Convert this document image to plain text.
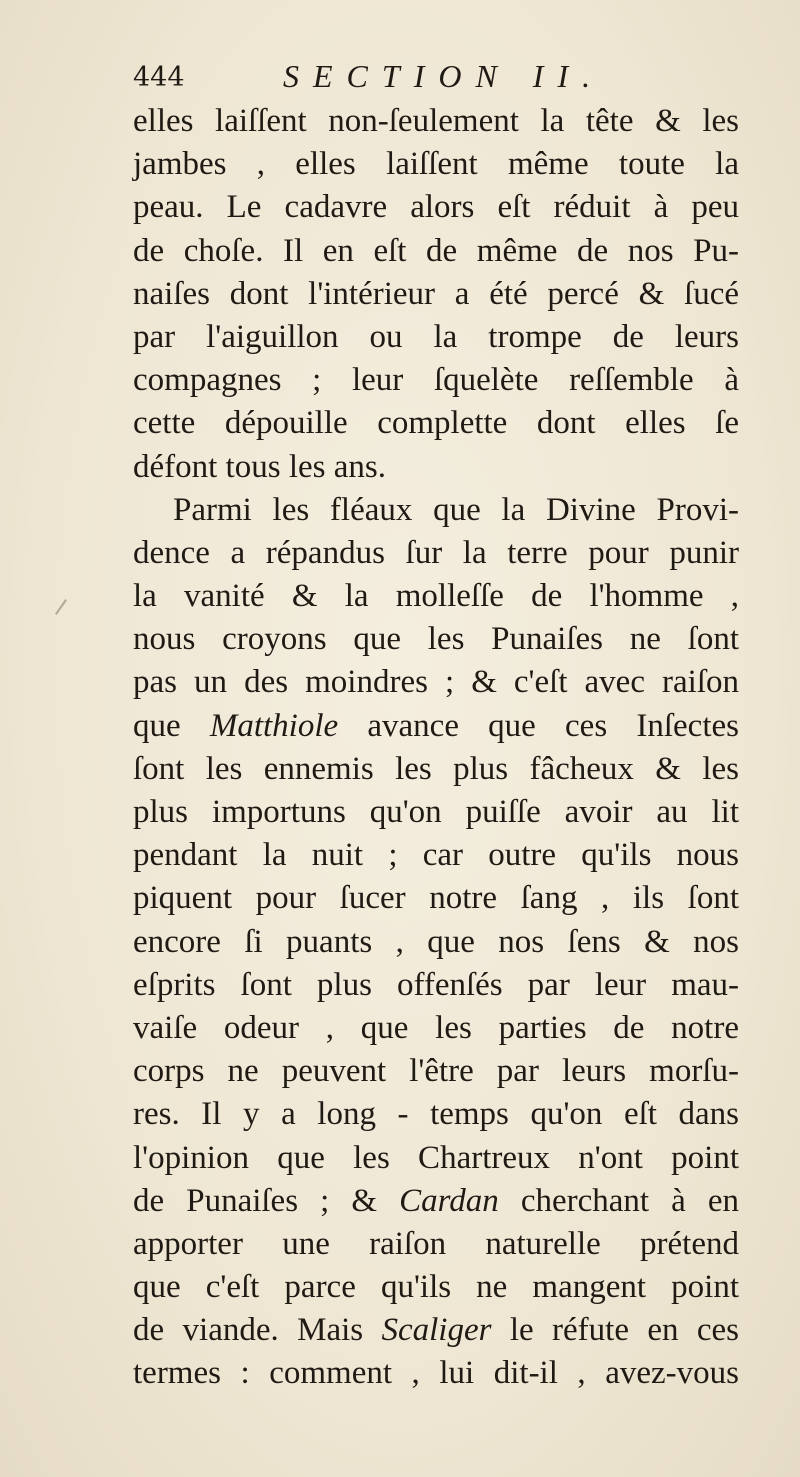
444	SECTION II.
elles laiſſent non-ſeulement la tête & les
jambes , elles laiſſent même toute la
peau. Le cadavre alors eſt réduit à peu
de choſe. Il en eſt de même de nos Pu-
naiſes dont l'intérieur a été percé & ſucé
par l'aiguillon ou la trompe de leurs
compagnes ; leur ſquelète reſſemble à
cette dépouille complette dont elles ſe
défont tous les ans.
Parmi les fléaux que la Divine Provi-
dence a répandus ſur la terre pour punir
la vanité & la molleſſe de l'homme ,
nous croyons que les Punaiſes ne ſont
pas un des moindres ; & c'eſt avec raiſon
que Matthiole avance que ces Inſectes
ſont les ennemis les plus fâcheux & les
plus importuns qu'on puiſſe avoir au lit
pendant la nuit ; car outre qu'ils nous
piquent pour ſucer notre ſang , ils ſont
encore ſi puants , que nos ſens & nos
eſprits ſont plus offenſés par leur mau-
vaiſe odeur , que les parties de notre
corps ne peuvent l'être par leurs morſu-
res. Il y a long - temps qu'on eſt dans
l'opinion que les Chartreux n'ont point
de Punaiſes ; & Cardan cherchant à en
apporter une raiſon naturelle prétend
que c'eſt parce qu'ils ne mangent point
de viande. Mais Scaliger le réfute en ces
termes : comment , lui dit-il , avez-vous
